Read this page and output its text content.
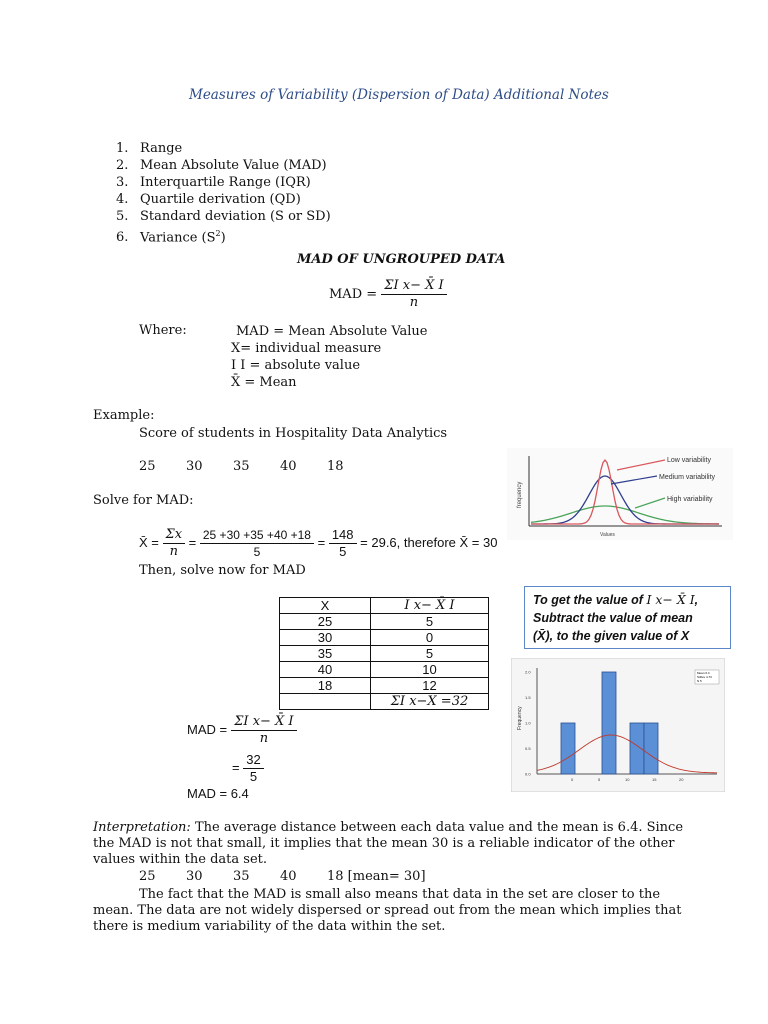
Measures of Variability (Dispersion of Data) Additional Notes
1. Range
2. Mean Absolute Value (MAD)
3. Interquartile Range (IQR)
4. Quartile derivation (QD)
5. Standard deviation (S or SD)
6. Variance $(S^2)$
MAD OF UNGROUPED DATA
MAD = $\frac{\text{ΣI x− X̄ I}}{n}$
Where:	MAD = Mean Absolute Value
X= individual measure
I I = absolute value
X̄ = Mean
Example:
Score of students in Hospitality Data Analytics
25 30 35 40 18
Solve for MAD:
X̄ = $\frac{\Sigma x}{n} = \frac{25 +30 +35 +40 +18}{5} = \frac{148}{5} = 29.6$, therefore X̄ = 30
Then, solve now for MAD
X	I x− X̄ I
25	5
30	0
35	5
40	10
18	12
	ΣI x−X =32
MAD = $\frac{\text{ΣI x− X̄ I}}{n}$
= $\frac{32}{5}$
MAD = 6.4
To get the value of I x− X̄ I,
Subtract the value of mean
(X̄), to the given value of X
Low variability
Medium variability
High variability
frequency
Values
0.0
0.5
1.0
1.5
2.0
0	5	10	15	20
Frequency
Mean 6.4
StDev 4.73
N 5
Interpretation: The average distance between each data value and the mean is 6.4. Since the MAD is not that small, it implies that the mean 30 is a reliable indicator of the other values within the data set.
25 30 35 40 18 [mean= 30]
The fact that the MAD is small also means that data in the set are closer to the mean. The data are not widely dispersed or spread out from the mean which implies that there is medium variability of the data within the set.
